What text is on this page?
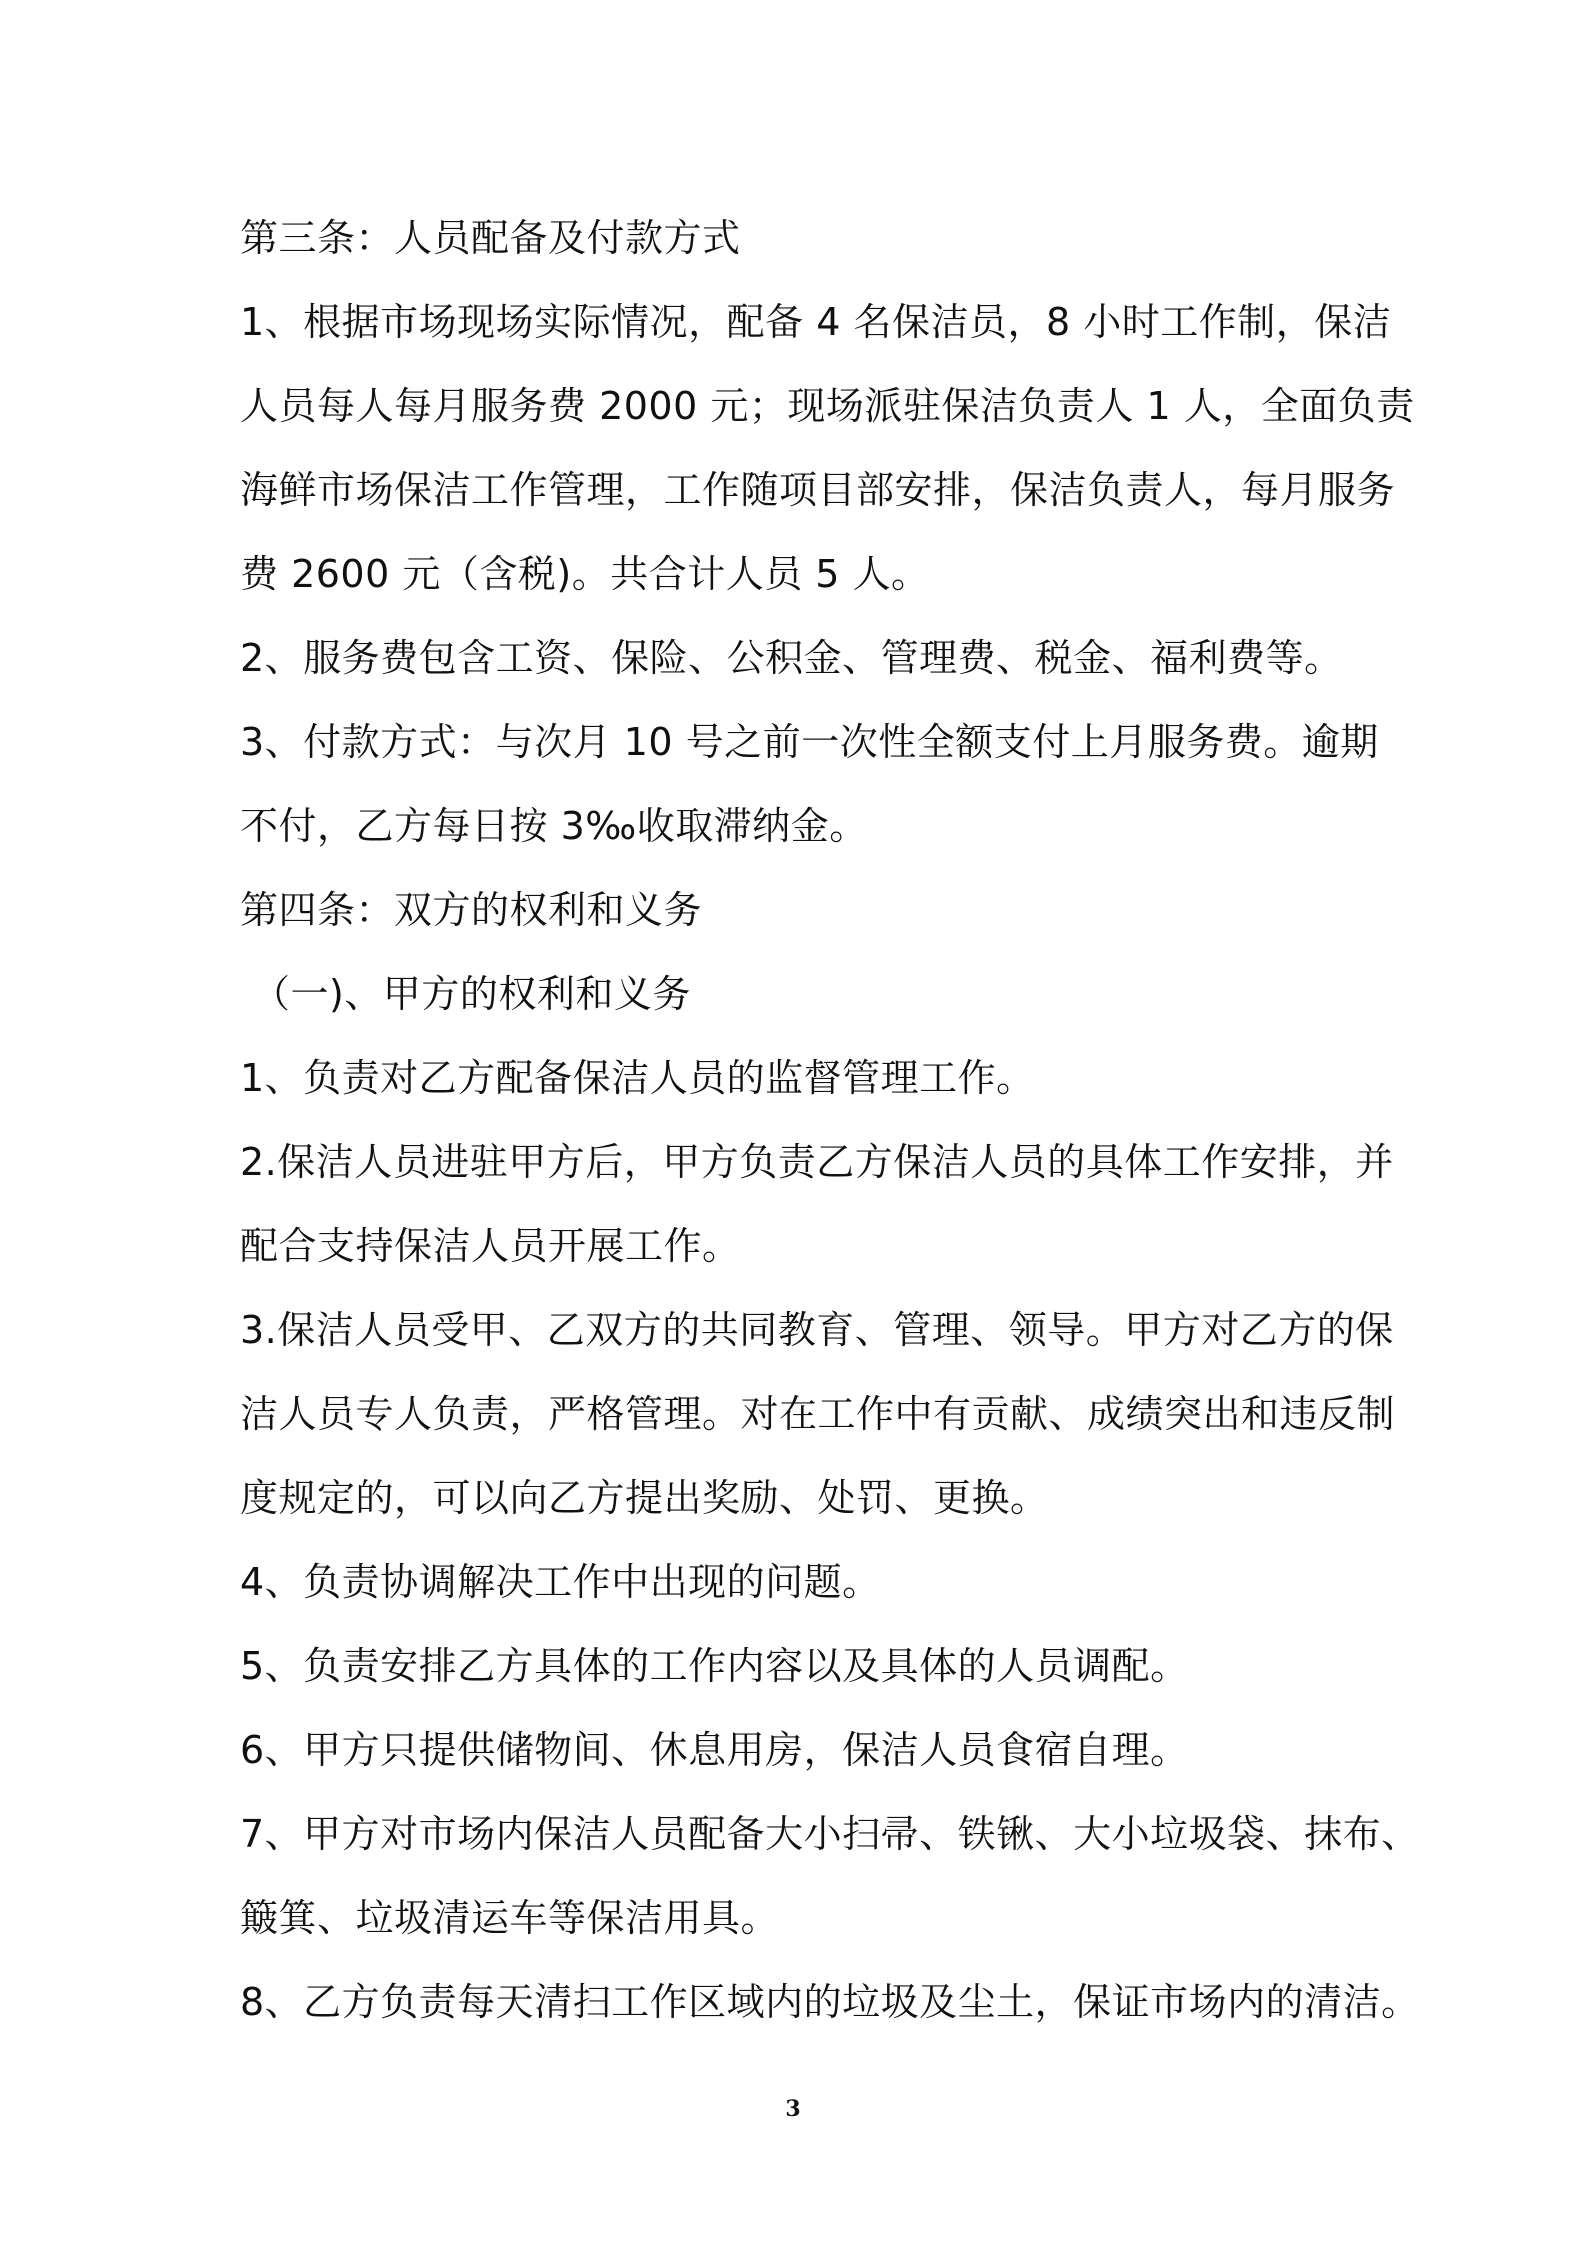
第三条：人员配备及付款方式
1、根据市场现场实际情况，配备 4 名保洁员，8 小时工作制，保洁
人员每人每月服务费 2000 元；现场派驻保洁负责人 1 人，全面负责
海鲜市场保洁工作管理，工作随项目部安排，保洁负责人，每月服务
费 2600 元（含税)。共合计人员 5 人。
2、服务费包含工资、保险、公积金、管理费、税金、福利费等。
3、付款方式：与次月 10 号之前一次性全额支付上月服务费。逾期
不付，乙方每日按 3‰收取滞纳金。
第四条：双方的权利和义务
（一)、甲方的权利和义务
1、负责对乙方配备保洁人员的监督管理工作。
2.保洁人员进驻甲方后，甲方负责乙方保洁人员的具体工作安排，并
配合支持保洁人员开展工作。
3.保洁人员受甲、乙双方的共同教育、管理、领导。甲方对乙方的保
洁人员专人负责，严格管理。对在工作中有贡献、成绩突出和违反制
度规定的，可以向乙方提出奖励、处罚、更换。
4、负责协调解决工作中出现的问题。
5、负责安排乙方具体的工作内容以及具体的人员调配。
6、甲方只提供储物间、休息用房，保洁人员食宿自理。
7、甲方对市场内保洁人员配备大小扫帚、铁锹、大小垃圾袋、抹布、
簸箕、垃圾清运车等保洁用具。
8、乙方负责每天清扫工作区域内的垃圾及尘土，保证市场内的清洁。
3
